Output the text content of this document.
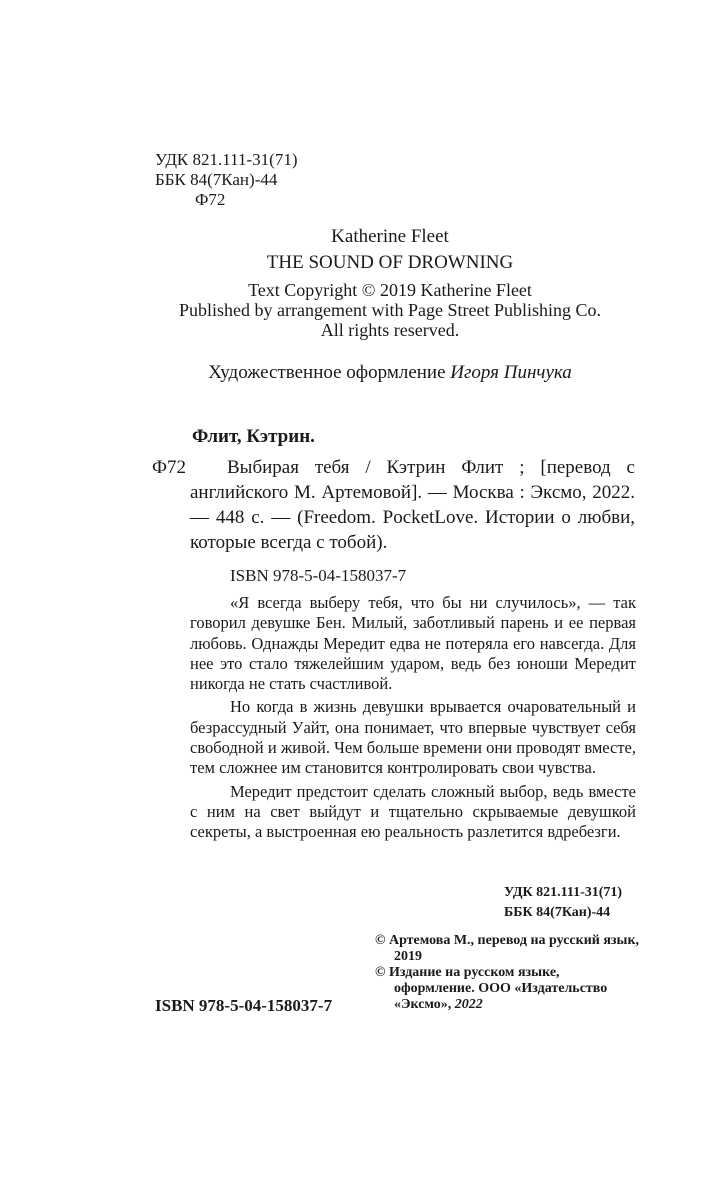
УДК 821.111-31(71)
ББК 84(7Кан)-44
Ф72
Katherine Fleet
THE SOUND OF DROWNING
Text Copyright © 2019 Katherine Fleet
Published by arrangement with Page Street Publishing Co.
All rights reserved.
Художественное оформление Игоря Пинчука
Флит, Кэтрин.
Ф72	Выбирая тебя / Кэтрин Флит ; [перевод с английского М. Артемовой]. — Москва : Эксмо, 2022. — 448 с. — (Freedom. PocketLove. Истории о любви, которые всегда с тобой).
ISBN 978-5-04-158037-7

«Я всегда выберу тебя, что бы ни случилось», — так говорил девушке Бен. Милый, заботливый парень и ее первая любовь. Однажды Мередит едва не потеряла его навсегда. Для нее это стало тяжелейшим ударом, ведь без юноши Мередит никогда не стать счастливой.

Но когда в жизнь девушки врывается очаровательный и безрассудный Уайт, она понимает, что впервые чувствует себя свободной и живой. Чем больше времени они проводят вместе, тем сложнее им становится контролировать свои чувства.

Мередит предстоит сделать сложный выбор, ведь вместе с ним на свет выйдут и тщательно скрываемые девушкой секреты, а выстроенная ею реальность разлетится вдребезги.

УДК 821.111-31(71)
ББК 84(7Кан)-44
© Артемова М., перевод на русский язык, 2019
© Издание на русском языке, оформление. ООО «Издательство «Эксмо», 2022
ISBN 978-5-04-158037-7
